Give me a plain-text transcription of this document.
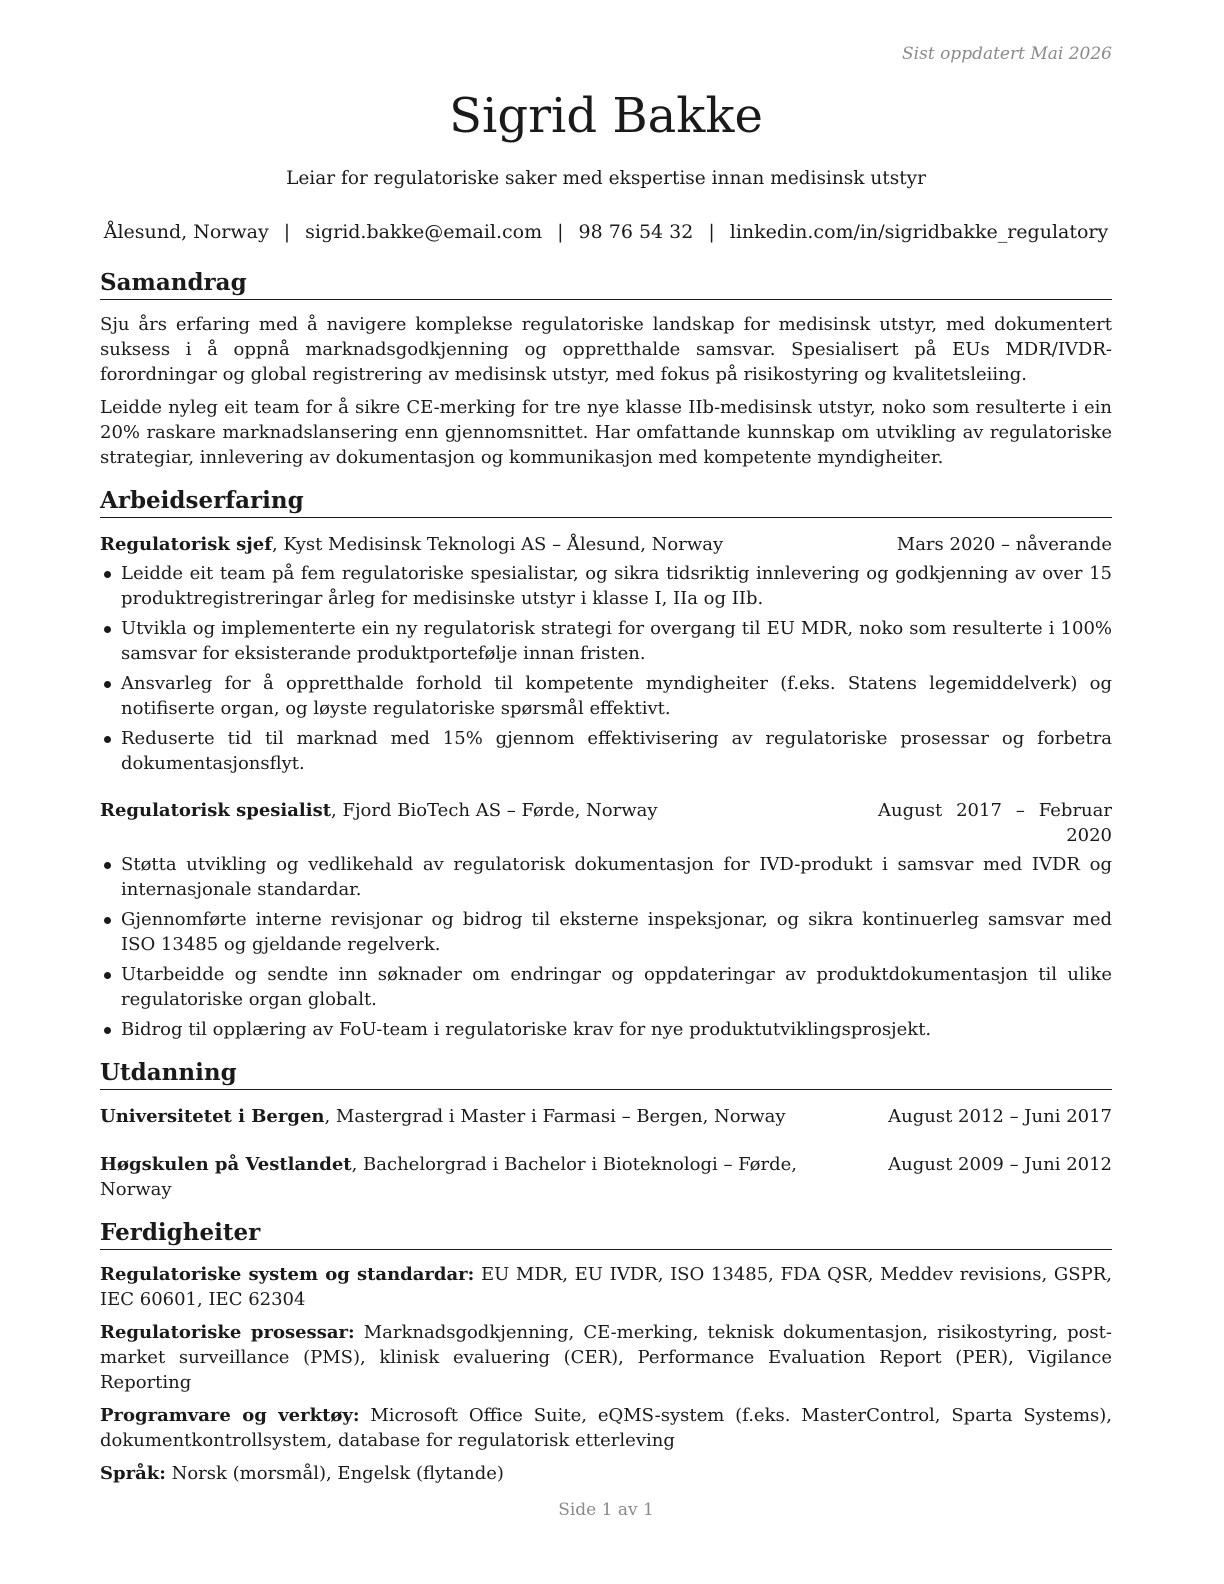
Sist oppdatert Mai 2026
Sigrid Bakke
Leiar for regulatoriske saker med ekspertise innan medisinsk utstyr
Ålesund, Norway | sigrid.bakke@email.com | 98 76 54 32 | linkedin.com/in/sigridbakke_regulatory
Samandrag

Sju års erfaring med å navigere komplekse regulatoriske landskap for medisinsk utstyr, med dokumentert suksess i å oppnå marknadsgodkjenning og oppretthalde samsvar. Spesialisert på EUs MDR/IVDR-forordningar og global registrering av medisinsk utstyr, med fokus på risikostyring og kvalitetsleiing.

Leidde nyleg eit team for å sikre CE-merking for tre nye klasse IIb-medisinsk utstyr, noko som resulterte i ein 20% raskare marknadslansering enn gjennomsnittet. Har omfattande kunnskap om utvikling av regulatoriske strategiar, innlevering av dokumentasjon og kommunikasjon med kompetente myndigheiter.

Arbeidserfaring
Regulatorisk sjef, Kyst Medisinsk Teknologi AS – Ålesund, Norway	Mars 2020 – nåverande
Leidde eit team på fem regulatoriske spesialistar, og sikra tidsriktig innlevering og godkjenning av over 15 produktregistreringar årleg for medisinske utstyr i klasse I, IIa og IIb.
Utvikla og implementerte ein ny regulatorisk strategi for overgang til EU MDR, noko som resulterte i 100% samsvar for eksisterande produktportefølje innan fristen.
Ansvarleg for å oppretthalde forhold til kompetente myndigheiter (f.eks. Statens legemiddelverk) og notifiserte organ, og løyste regulatoriske spørsmål effektivt.
Reduserte tid til marknad med 15% gjennom effektivisering av regulatoriske prosessar og forbetra dokumentasjonsflyt.
Regulatorisk spesialist, Fjord BioTech AS – Førde, Norway	August 2017 – Februar 2020
Støtta utvikling og vedlikehald av regulatorisk dokumentasjon for IVD-produkt i samsvar med IVDR og internasjonale standardar.
Gjennomførte interne revisjonar og bidrog til eksterne inspeksjonar, og sikra kontinuerleg samsvar med ISO 13485 og gjeldande regelverk.
Utarbeidde og sendte inn søknader om endringar og oppdateringar av produktdokumentasjon til ulike regulatoriske organ globalt.
Bidrog til opplæring av FoU-team i regulatoriske krav for nye produktutviklingsprosjekt.
Utdanning
Universitetet i Bergen, Mastergrad i Master i Farmasi – Bergen, Norway	August 2012 – Juni 2017
Høgskulen på Vestlandet, Bachelorgrad i Bachelor i Bioteknologi – Førde, Norway
August 2009 – Juni 2012
Ferdigheiter

Regulatoriske system og standardar: EU MDR, EU IVDR, ISO 13485, FDA QSR, Meddev revisions, GSPR, IEC 60601, IEC 62304

Regulatoriske prosessar: Marknadsgodkjenning, CE-merking, teknisk dokumentasjon, risikostyring, post-market surveillance (PMS), klinisk evaluering (CER), Performance Evaluation Report (PER), Vigilance Reporting

Programvare og verktøy: Microsoft Office Suite, eQMS-system (f.eks. MasterControl, Sparta Systems), dokumentkontrollsystem, database for regulatorisk etterleving

Språk: Norsk (morsmål), Engelsk (flytande)

Side 1 av 1
